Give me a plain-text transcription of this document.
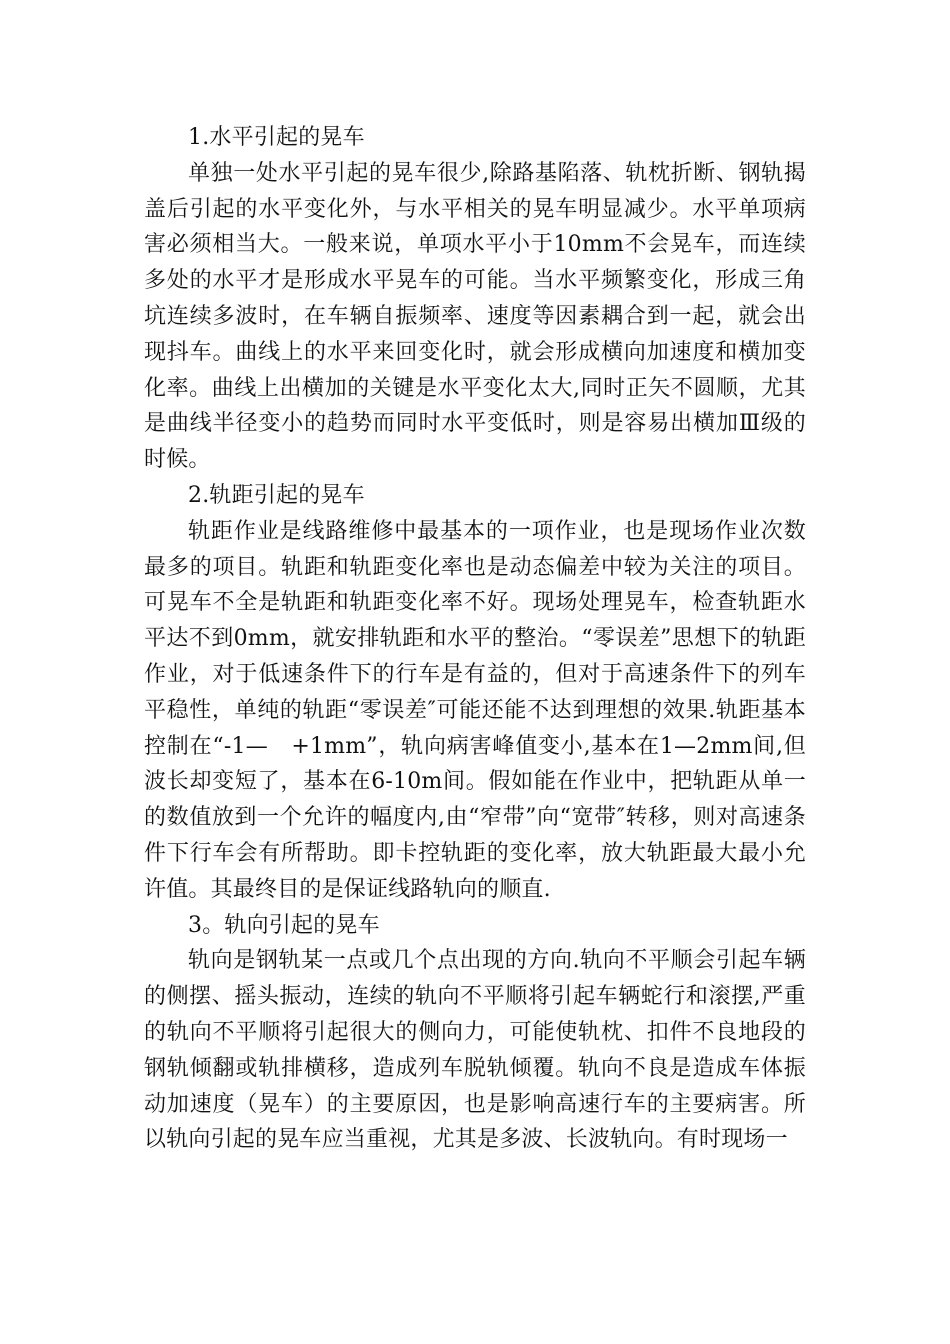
1.水平引起的晃车

单独一处水平引起的晃车很少,除路基陷落、轨枕折断、钢轨揭盖后引起的水平变化外，与水平相关的晃车明显减少。水平单项病害必须相当大。一般来说，单项水平小于10mm不会晃车，而连续多处的水平才是形成水平晃车的可能。当水平频繁变化，形成三角坑连续多波时，在车辆自振频率、速度等因素耦合到一起，就会出现抖车。曲线上的水平来回变化时，就会形成横向加速度和横加变化率。曲线上出横加的关键是水平变化太大,同时正矢不圆顺，尤其是曲线半径变小的趋势而同时水平变低时，则是容易出横加Ⅲ级的时候。

2.轨距引起的晃车

轨距作业是线路维修中最基本的一项作业，也是现场作业次数最多的项目。轨距和轨距变化率也是动态偏差中较为关注的项目。可晃车不全是轨距和轨距变化率不好。现场处理晃车，检查轨距水平达不到0mm，就安排轨距和水平的整治。“零误差”思想下的轨距作业，对于低速条件下的行车是有益的，但对于高速条件下的列车平稳性，单纯的轨距“零误差″可能还能不达到理想的效果.轨距基本控制在“-1—　+1mm”，轨向病害峰值变小,基本在1—2mm间,但波长却变短了，基本在6-10m间。假如能在作业中，把轨距从单一的数值放到一个允许的幅度内,由“窄带”向“宽带″转移，则对高速条件下行车会有所帮助。即卡控轨距的变化率，放大轨距最大最小允许值。其最终目的是保证线路轨向的顺直.

3。轨向引起的晃车

轨向是钢轨某一点或几个点出现的方向.轨向不平顺会引起车辆的侧摆、摇头振动，连续的轨向不平顺将引起车辆蛇行和滚摆,严重的轨向不平顺将引起很大的侧向力，可能使轨枕、扣件不良地段的钢轨倾翻或轨排横移，造成列车脱轨倾覆。轨向不良是造成车体振动加速度（晃车）的主要原因，也是影响高速行车的主要病害。所以轨向引起的晃车应当重视，尤其是多波、长波轨向。有时现场一
